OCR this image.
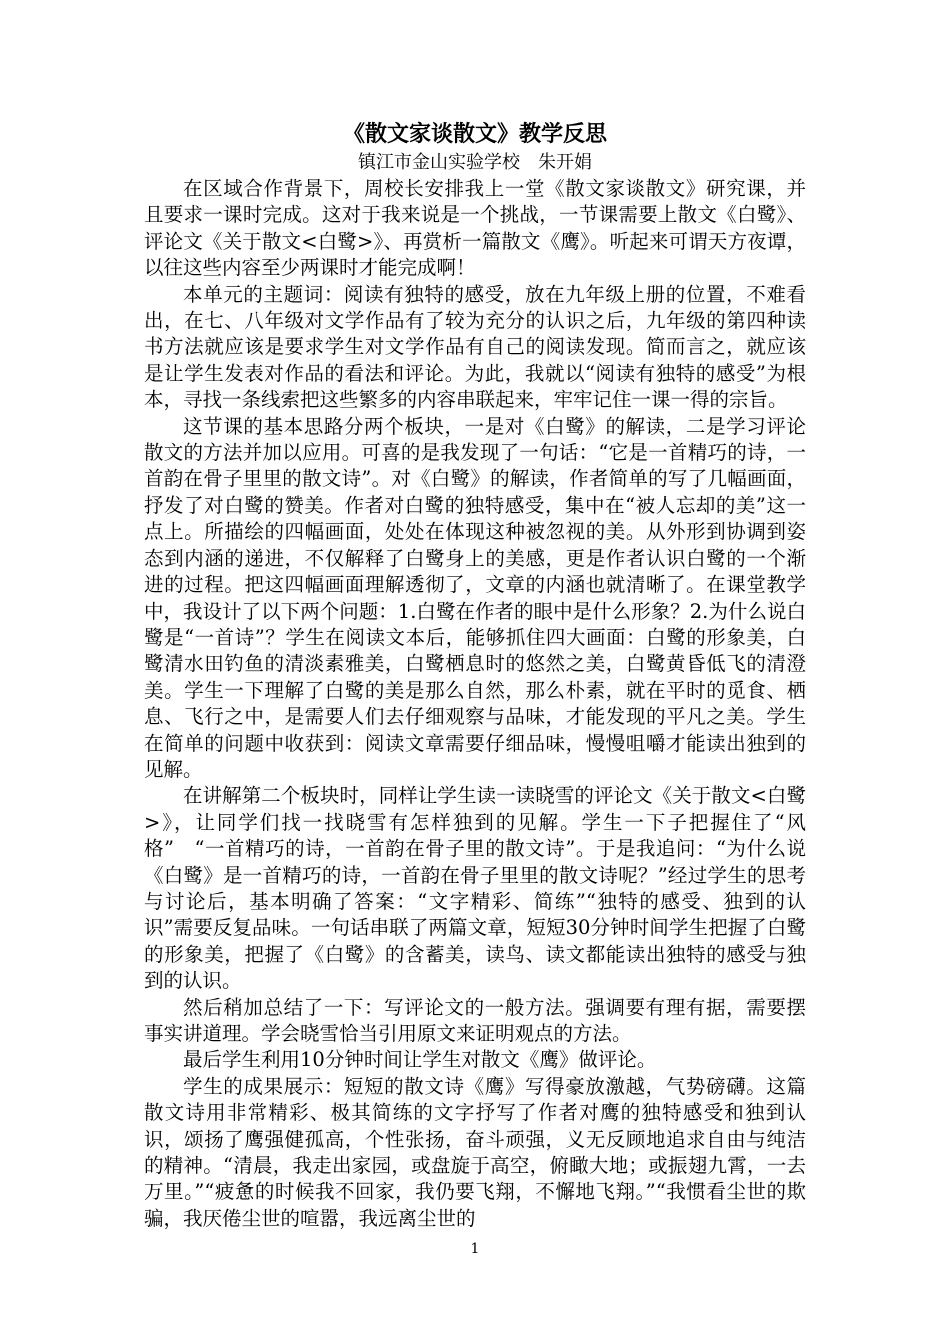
《散文家谈散文》教学反思
镇江市金山实验学校　朱开娟

在区域合作背景下，周校长安排我上一堂《散文家谈散文》研究课，并且要求一课时完成。这对于我来说是一个挑战，一节课需要上散文《白鹭》、评论文《关于散文<白鹭>》、再赏析一篇散文《鹰》。听起来可谓天方夜谭，以往这些内容至少两课时才能完成啊！

本单元的主题词：阅读有独特的感受，放在九年级上册的位置，不难看出，在七、八年级对文学作品有了较为充分的认识之后，九年级的第四种读书方法就应该是要求学生对文学作品有自己的阅读发现。简而言之，就应该是让学生发表对作品的看法和评论。为此，我就以“阅读有独特的感受”为根本，寻找一条线索把这些繁多的内容串联起来，牢牢记住一课一得的宗旨。

这节课的基本思路分两个板块，一是对《白鹭》的解读，二是学习评论散文的方法并加以应用。可喜的是我发现了一句话：“它是一首精巧的诗，一首韵在骨子里里的散文诗”。对《白鹭》的解读，作者简单的写了几幅画面，抒发了对白鹭的赞美。作者对白鹭的独特感受，集中在“被人忘却的美”这一点上。所描绘的四幅画面，处处在体现这种被忽视的美。从外形到协调到姿态到内涵的递进，不仅解释了白鹭身上的美感，更是作者认识白鹭的一个渐进的过程。把这四幅画面理解透彻了，文章的内涵也就清晰了。在课堂教学中，我设计了以下两个问题：1.白鹭在作者的眼中是什么形象？2.为什么说白鹭是“一首诗”？学生在阅读文本后，能够抓住四大画面：白鹭的形象美，白鹭清水田钓鱼的清淡素雅美，白鹭栖息时的悠然之美，白鹭黄昏低飞的清澄美。学生一下理解了白鹭的美是那么自然，那么朴素，就在平时的觅食、栖息、飞行之中，是需要人们去仔细观察与品味，才能发现的平凡之美。学生在简单的问题中收获到：阅读文章需要仔细品味，慢慢咀嚼才能读出独到的见解。

在讲解第二个板块时，同样让学生读一读晓雪的评论文《关于散文<白鹭>》，让同学们找一找晓雪有怎样独到的见解。学生一下子把握住了“风格”　“一首精巧的诗，一首韵在骨子里的散文诗”。于是我追问：“为什么说《白鹭》是一首精巧的诗，一首韵在骨子里里的散文诗呢？”经过学生的思考与讨论后，基本明确了答案：“文字精彩、简练”“独特的感受、独到的认识”需要反复品味。一句话串联了两篇文章，短短30分钟时间学生把握了白鹭的形象美，把握了《白鹭》的含蓄美，读鸟、读文都能读出独特的感受与独到的认识。

然后稍加总结了一下：写评论文的一般方法。强调要有理有据，需要摆事实讲道理。学会晓雪恰当引用原文来证明观点的方法。

最后学生利用10分钟时间让学生对散文《鹰》做评论。

学生的成果展示：短短的散文诗《鹰》写得豪放激越，气势磅礴。这篇散文诗用非常精彩、极其简练的文字抒写了作者对鹰的独特感受和独到认识，颂扬了鹰强健孤高，个性张扬，奋斗顽强，义无反顾地追求自由与纯洁的精神。“清晨，我走出家园，或盘旋于高空，俯瞰大地；或振翅九霄，一去万里。”“疲惫的时候我不回家，我仍要飞翔，不懈地飞翔。”“我惯看尘世的欺骗，我厌倦尘世的喧嚣，我远离尘世的

1
